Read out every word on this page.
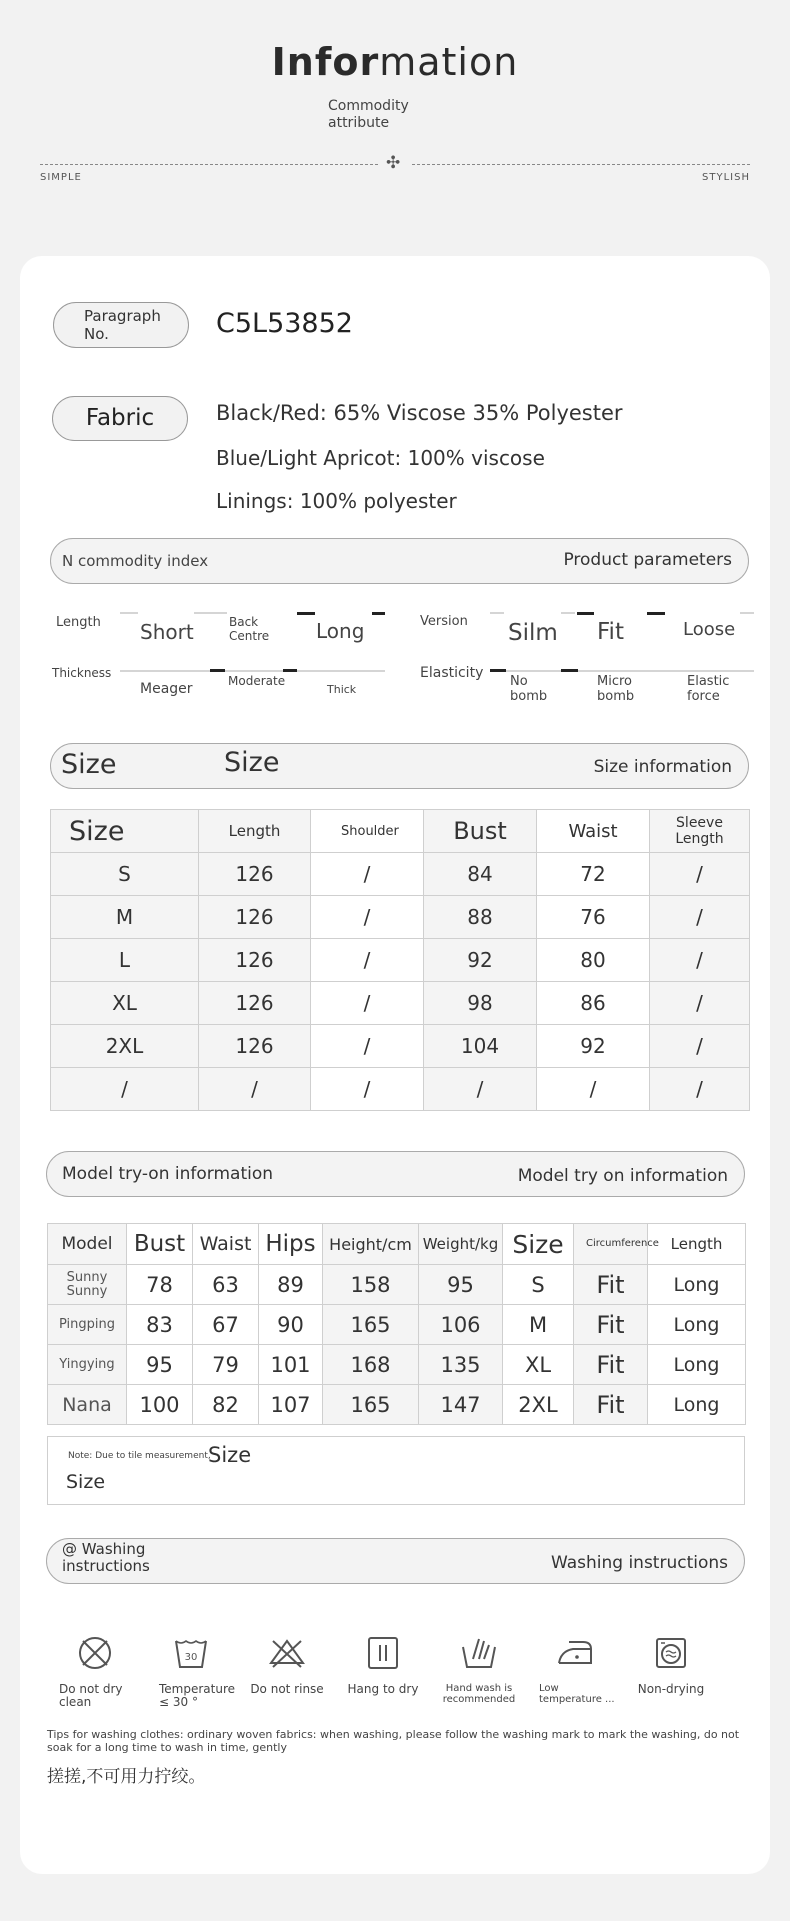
Information
Commodity attribute
✣
SIMPLE	STYLISH
Paragraph No.	C5L53852
Fabric	Black/Red: 65% Viscose 35% Polyester
Blue/Light Apricot: 100% viscose
Linings: 100% polyester
N commodity index	Product parameters
Length Short	Back Centre	Long	Version Silm Fit	Loose
Thickness
Meager	Moderate
Thick
Elasticity
No bomb
Micro bomb
Elastic force
Size	Size	Size information
Size	Length	Shoulder	Bust	Waist	Sleeve Length
S	126	/	84	72	/
M	126	/	88	76	/
L	126	/	92	80	/
XL	126	/	98	86	/
2XL	126	/	104	92	/
/	/	/	/	/	/
Model try-on information	Model try on information
Model	Bust	Waist	Hips	Height/cm	Weight/kg	Size	Circumference	Length
Sunny Sunny	78	63	89	158	95	S	Fit	Long
Pingping	83	67	90	165	106	M	Fit	Long
Yingying	95	79	101	168	135	XL	Fit	Long
Nana	100	82	107	165	147	2XL	Fit	Long
Note: Due to tile measurement,
Size
Size
@ Washing instructions	Washing instructions
Do not dry clean
30
Temperature ≤ 30 °
Do not rinse	Hang to dry	Hand wash is recommended
Low temperature ...
Non-drying
Tips for washing clothes: ordinary woven fabrics: when washing, please follow the washing mark to mark the washing, do not soak for a long time to wash in time, gently
搓搓,不可用力拧绞。
